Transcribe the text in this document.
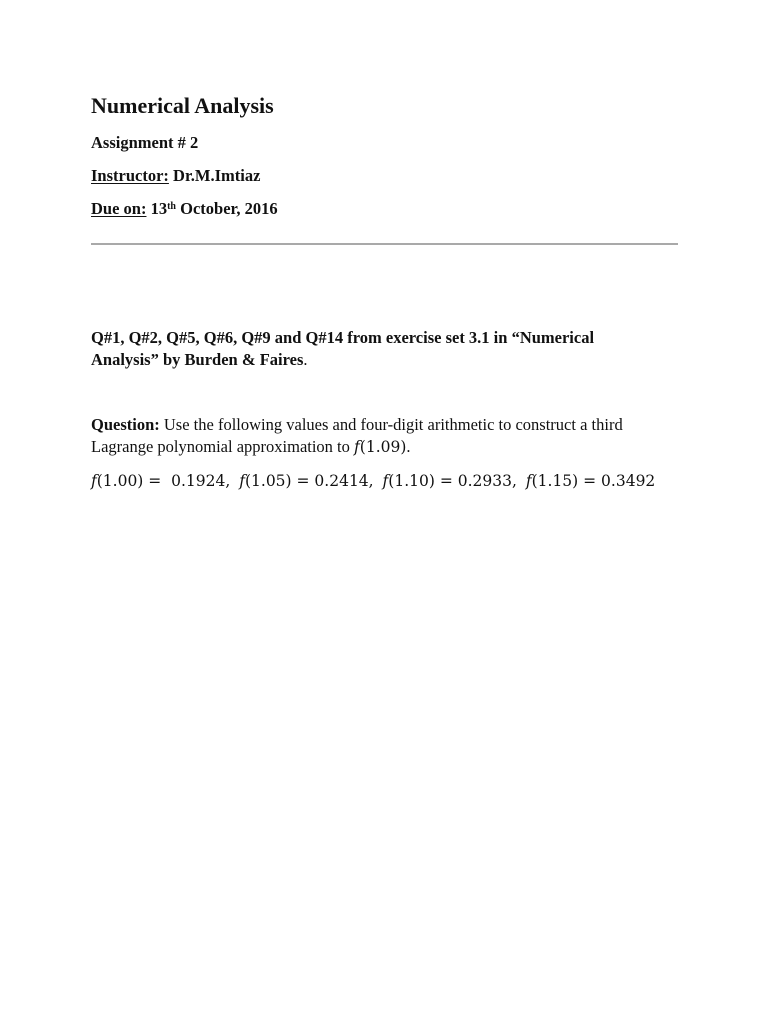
Numerical Analysis
Assignment # 2
Instructor: Dr.M.Imtiaz
Due on: 13th October, 2016
Q#1, Q#2, Q#5, Q#6, Q#9 and Q#14 from exercise set 3.1 in “Numerical
Analysis” by Burden & Faires.
Question: Use the following values and four-digit arithmetic to construct a third
Lagrange polynomial approximation to f(1.09).
f(1.00) =  0.1924, f(1.05) = 0.2414, f(1.10) = 0.2933, f(1.15) = 0.3492
